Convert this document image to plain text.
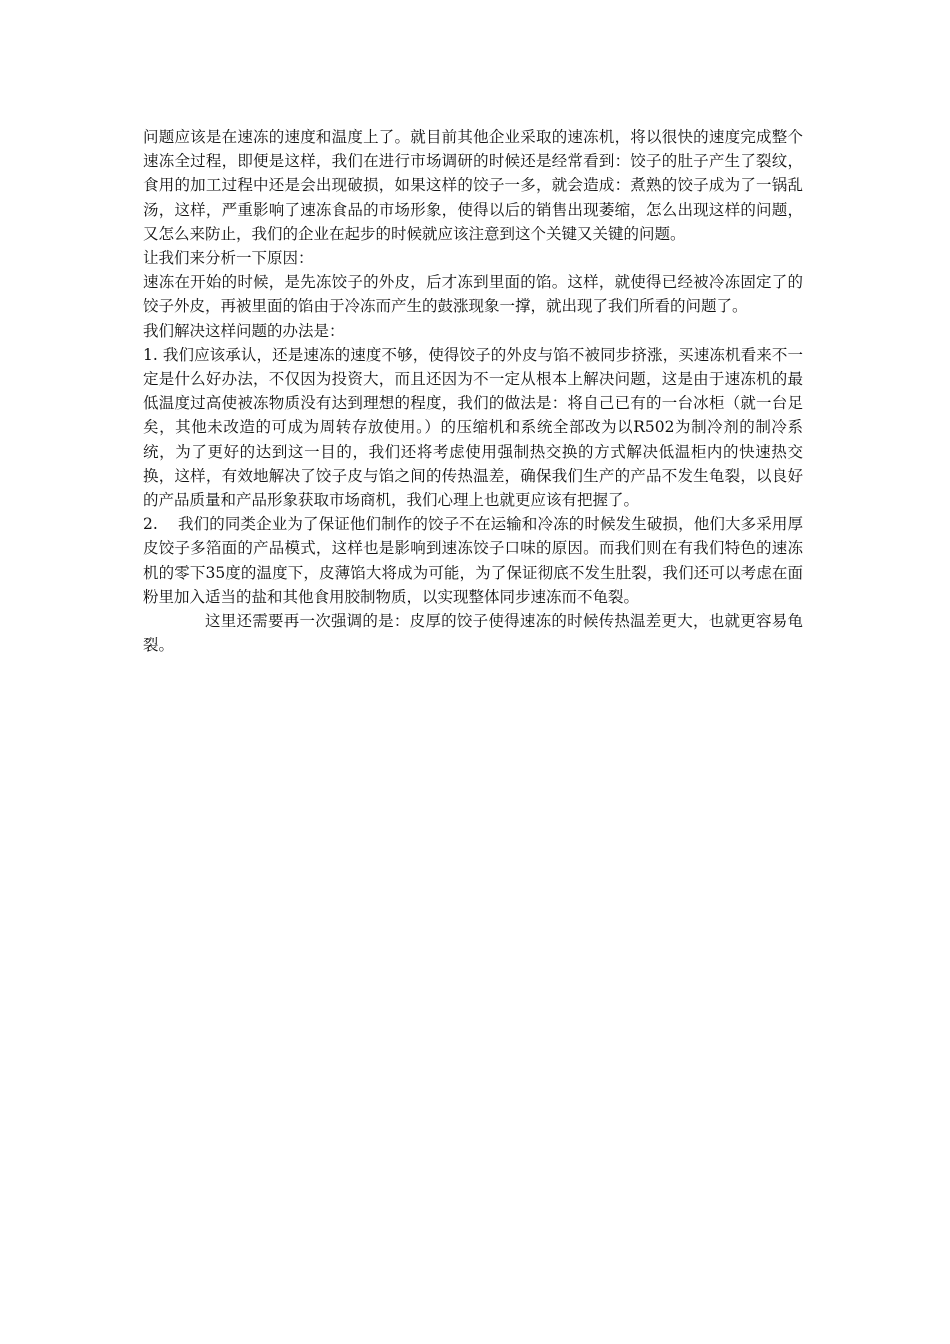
问题应该是在速冻的速度和温度上了。就目前其他企业采取的速冻机，将以很快的速度完成整个速冻全过程，即便是这样，我们在进行市场调研的时候还是经常看到：饺子的肚子产生了裂纹，食用的加工过程中还是会出现破损，如果这样的饺子一多，就会造成：煮熟的饺子成为了一锅乱汤，这样，严重影响了速冻食品的市场形象，使得以后的销售出现萎缩，怎么出现这样的问题，又怎么来防止，我们的企业在起步的时候就应该注意到这个关键又关键的问题。

让我们来分析一下原因：

速冻在开始的时候，是先冻饺子的外皮，后才冻到里面的馅。这样，就使得已经被冷冻固定了的饺子外皮，再被里面的馅由于冷冻而产生的鼓涨现象一撑，就出现了我们所看的问题了。

我们解决这样问题的办法是：

1. 我们应该承认，还是速冻的速度不够，使得饺子的外皮与馅不被同步挤涨，买速冻机看来不一定是什么好办法，不仅因为投资大，而且还因为不一定从根本上解决问题，这是由于速冻机的最低温度过高使被冻物质没有达到理想的程度，我们的做法是：将自己已有的一台冰柜（就一台足矣，其他未改造的可成为周转存放使用。）的压缩机和系统全部改为以R502为制冷剂的制冷系统，为了更好的达到这一目的，我们还将考虑使用强制热交换的方式解决低温柜内的快速热交换，这样，有效地解决了饺子皮与馅之间的传热温差，确保我们生产的产品不发生龟裂，以良好的产品质量和产品形象获取市场商机，我们心理上也就更应该有把握了。

2.    我们的同类企业为了保证他们制作的饺子不在运输和冷冻的时候发生破损，他们大多采用厚皮饺子多箔面的产品模式，这样也是影响到速冻饺子口味的原因。而我们则在有我们特色的速冻机的零下35度的温度下，皮薄馅大将成为可能，为了保证彻底不发生肚裂，我们还可以考虑在面粉里加入适当的盐和其他食用胶制物质，以实现整体同步速冻而不龟裂。

这里还需要再一次强调的是：皮厚的饺子使得速冻的时候传热温差更大，也就更容易龟裂。
